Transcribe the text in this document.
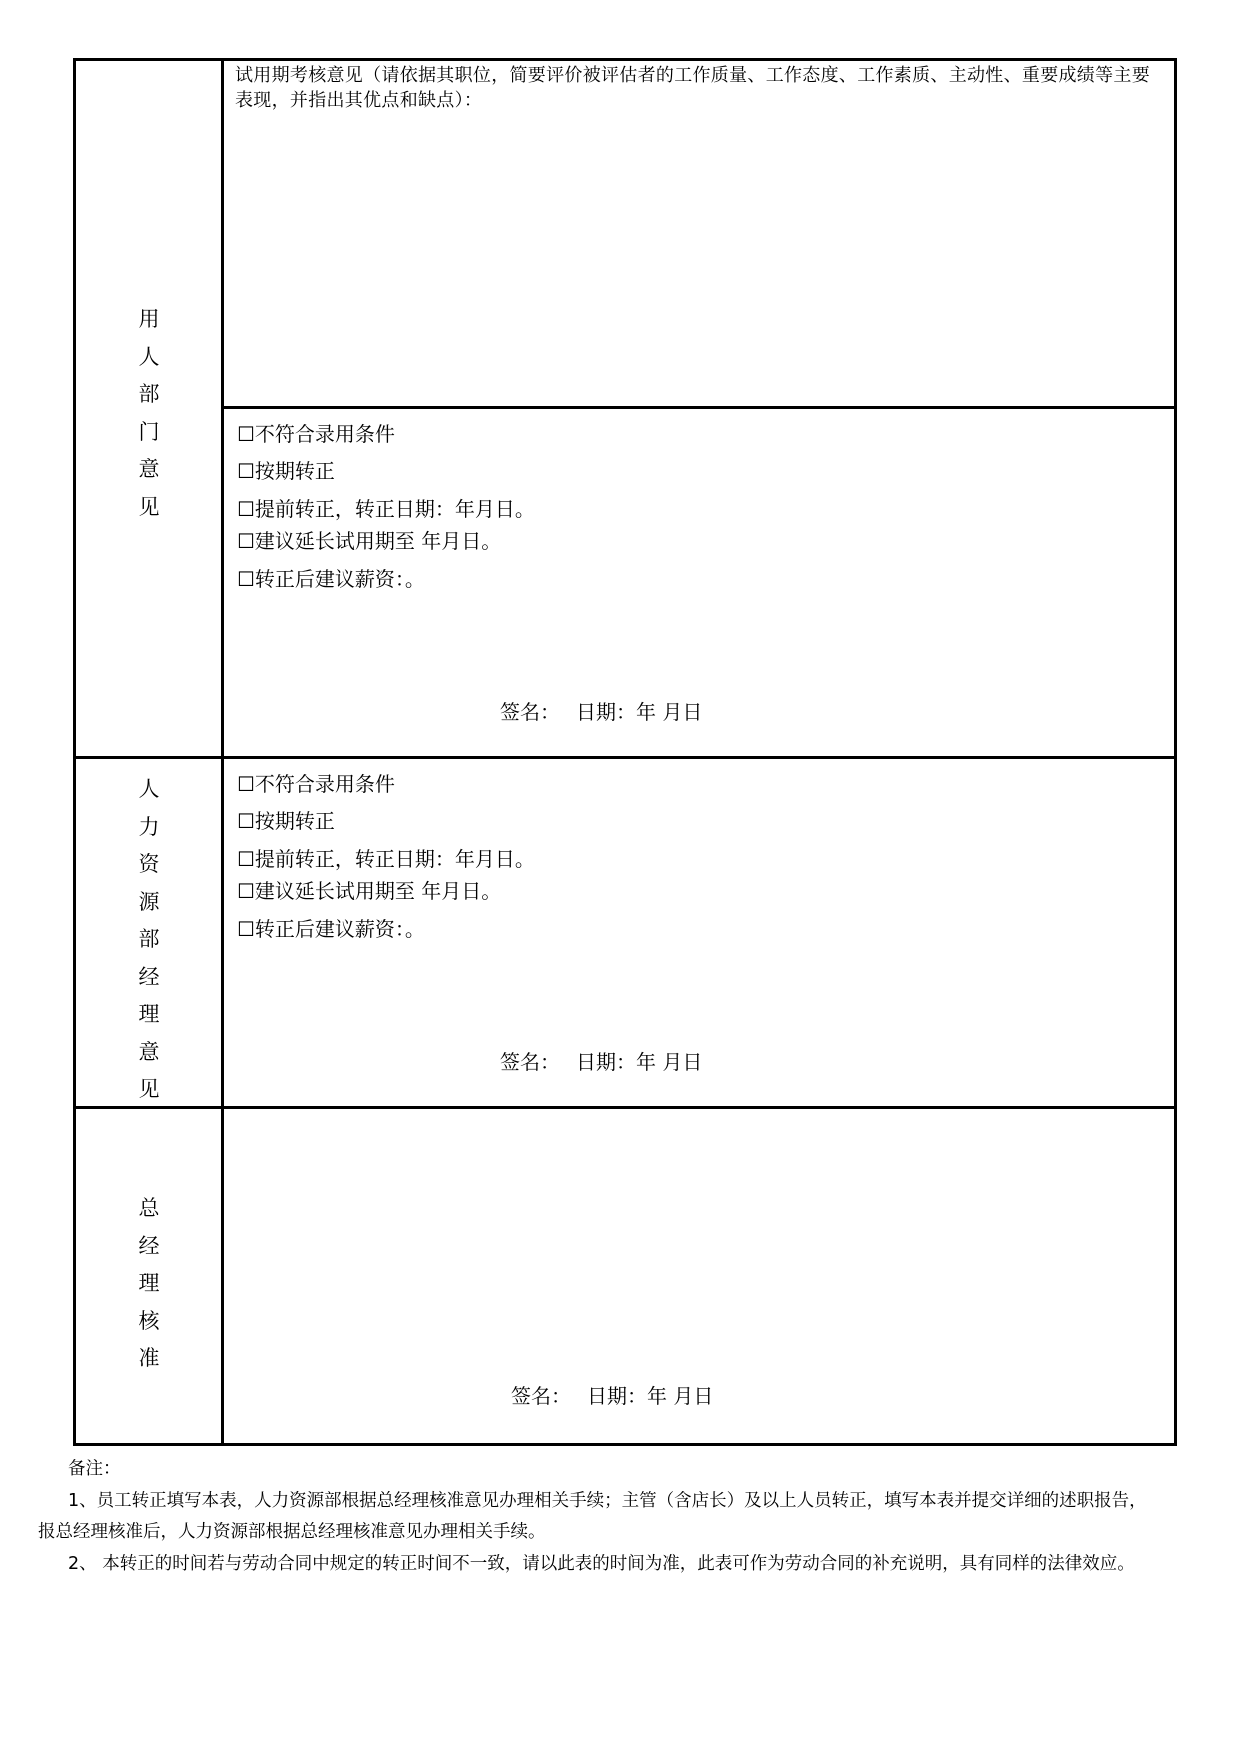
用
人
部
门
意
见
试用期考核意见（请依据其职位，简要评价被评估者的工作质量、工作态度、工作素质、主动性、重要成绩等主要
表现，并指出其优点和缺点）：
☐不符合录用条件
☐按期转正
☐提前转正，转正日期：年月日。
☐建议延长试用期至 年月日。
☐转正后建议薪资：。
签名： 日期：年 月日
人
力
资
源
部
经
理
意
见
☐不符合录用条件
☐按期转正
☐提前转正，转正日期：年月日。
☐建议延长试用期至 年月日。
☐转正后建议薪资：。
签名： 日期：年 月日
总
经
理
核
准
签名： 日期：年 月日
备注：
1、员工转正填写本表，人力资源部根据总经理核准意见办理相关手续；主管（含店长）及以上人员转正，填写本表并提交详细的述职报告，
报总经理核准后，人力资源部根据总经理核准意见办理相关手续。
2、 本转正的时间若与劳动合同中规定的转正时间不一致，请以此表的时间为准，此表可作为劳动合同的补充说明，具有同样的法律效应。
